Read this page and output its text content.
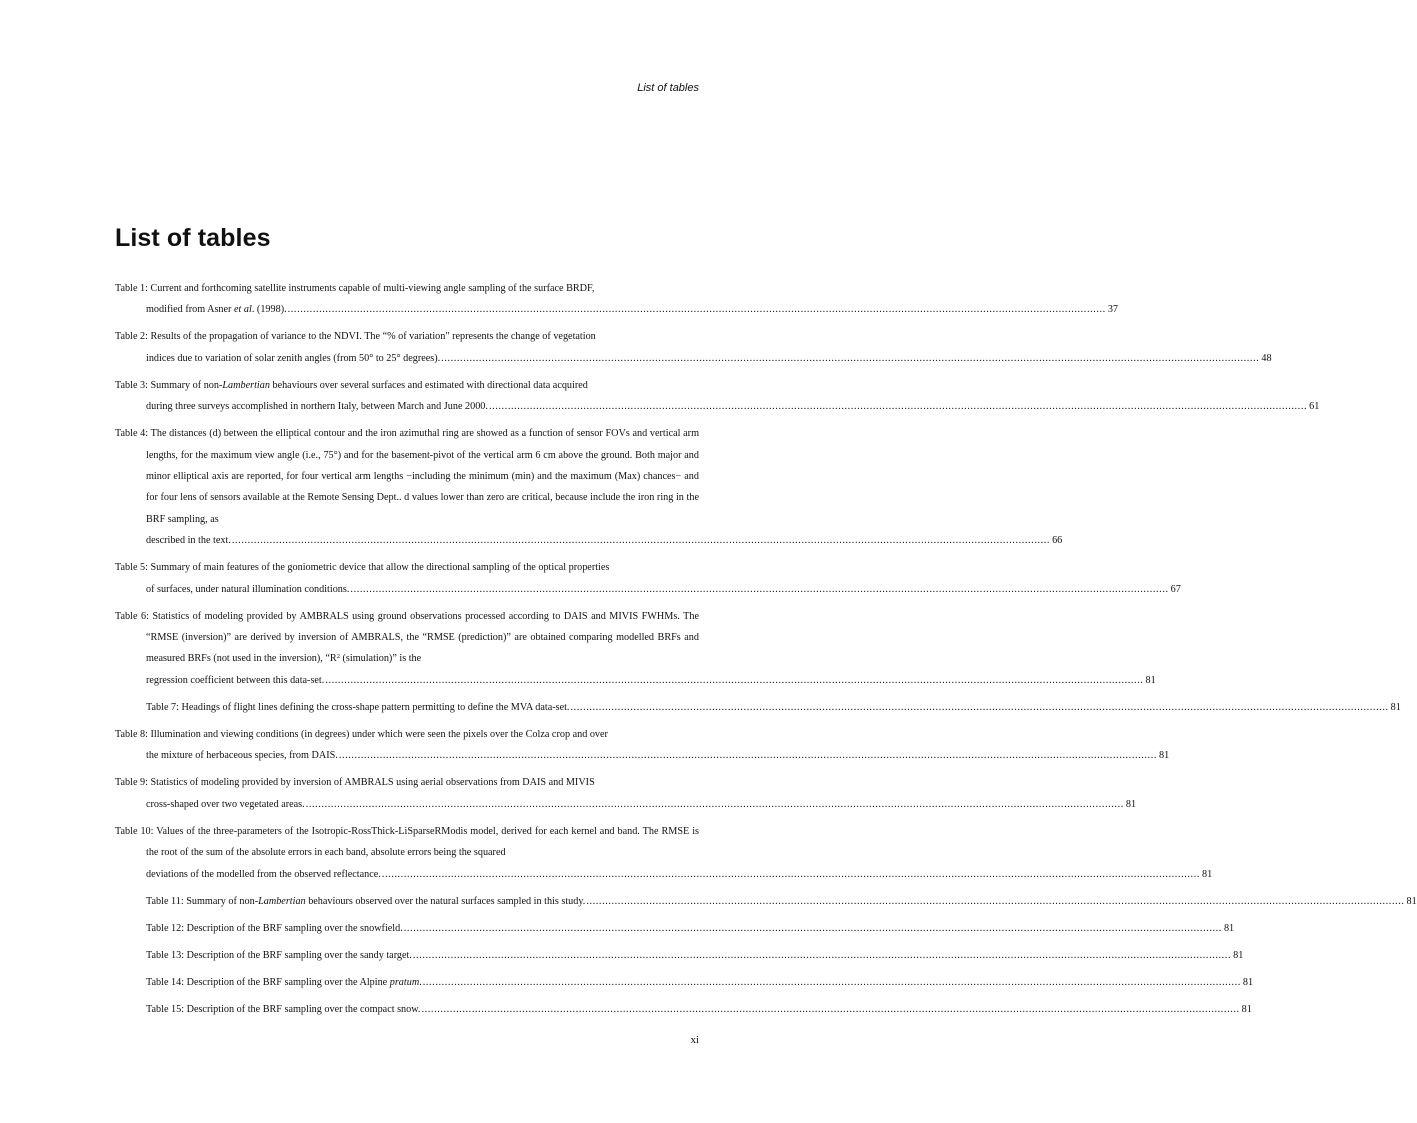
List of tables
List of tables
Table 1: Current and forthcoming satellite instruments capable of multi-viewing angle sampling of the surface BRDF,
modified from Asner et al. (1998). .................................................................................................................................................................................................................................................................... 37
Table 2: Results of the propagation of variance to the NDVI. The “% of variation" represents the change of vegetation
indices due to variation of solar zenith angles (from 50° to 25° degrees). .................................................................................................................................................................................................................................................................... 48
Table 3: Summary of non-Lambertian behaviours over several surfaces and estimated with directional data acquired
during three surveys accomplished in northern Italy, between March and June 2000. .................................................................................................................................................................................................................................................................... 61
Table 4: The distances (d) between the elliptical contour and the iron azimuthal ring are showed as a function of sensor FOVs and vertical arm lengths, for the maximum view angle (i.e., 75°) and for the basement-pivot of the vertical arm 6 cm above the ground. Both major and minor elliptical axis are reported, for four vertical arm lengths −including the minimum (min) and the maximum (Max) chances− and for four lens of sensors available at the Remote Sensing Dept.. d values lower than zero are critical, because include the iron ring in the BRF sampling, as
described in the text. .................................................................................................................................................................................................................................................................... 66
Table 5: Summary of main features of the goniometric device that allow the directional sampling of the optical properties
of surfaces, under natural illumination conditions. .................................................................................................................................................................................................................................................................... 67
Table 6: Statistics of modeling provided by AMBRALS using ground observations processed according to DAIS and MIVIS FWHMs. The “RMSE (inversion)” are derived by inversion of AMBRALS, the “RMSE (prediction)” are obtained comparing modelled BRFs and measured BRFs (not used in the inversion), “$R^2$ (simulation)” is the
regression coefficient between this data-set. .................................................................................................................................................................................................................................................................... 81
Table 7: Headings of flight lines defining the cross-shape pattern permitting to define the MVA data-set. .................................................................................................................................................................................................................................................................... 81
Table 8: Illumination and viewing conditions (in degrees) under which were seen the pixels over the Colza crop and over
the mixture of herbaceous species, from DAIS. .................................................................................................................................................................................................................................................................... 81
Table 9: Statistics of modeling provided by inversion of AMBRALS using aerial observations from DAIS and MIVIS
cross-shaped over two vegetated areas. .................................................................................................................................................................................................................................................................... 81
Table 10: Values of the three-parameters of the Isotropic-RossThick-LiSparseRModis model, derived for each kernel and band. The RMSE is the root of the sum of the absolute errors in each band, absolute errors being the squared
deviations of the modelled from the observed reflectance. .................................................................................................................................................................................................................................................................... 81
Table 11: Summary of non-Lambertian behaviours observed over the natural surfaces sampled in this study. .................................................................................................................................................................................................................................................................... 81
Table 12: Description of the BRF sampling over the snowfield. .................................................................................................................................................................................................................................................................... 81
Table 13: Description of the BRF sampling over the sandy target. .................................................................................................................................................................................................................................................................... 81
Table 14: Description of the BRF sampling over the Alpine pratum. .................................................................................................................................................................................................................................................................... 81
Table 15: Description of the BRF sampling over the compact snow. .................................................................................................................................................................................................................................................................... 81
xi
